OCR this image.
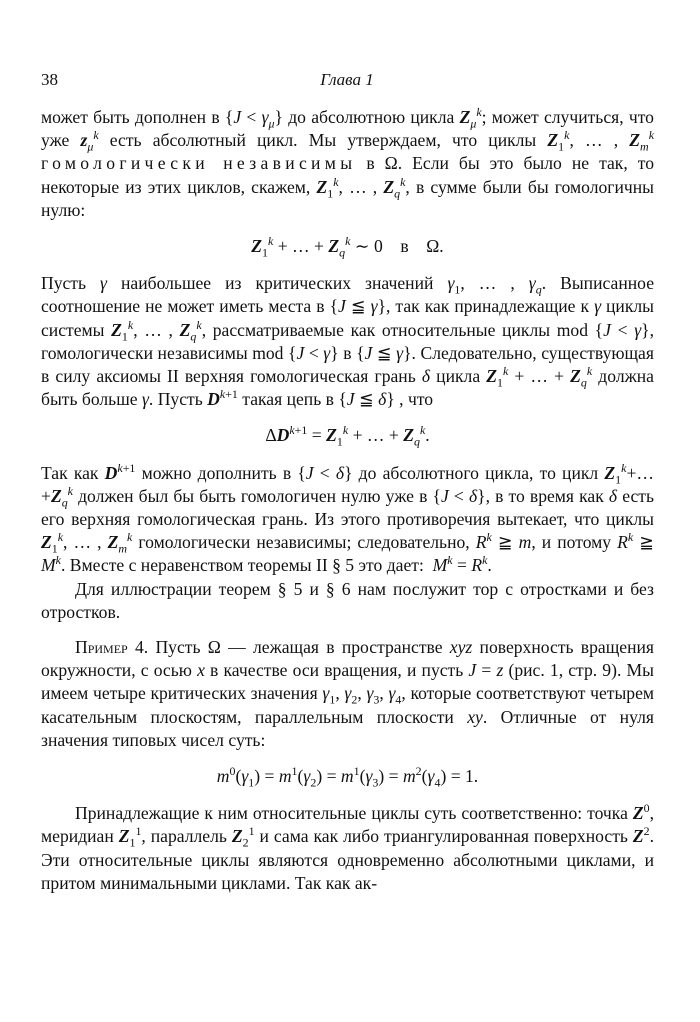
38	Глава 1

может быть дополнен в $\{J < \gamma_\mu\}$ до абсолютною цикла $Z_\mu^k$; может случиться, что уже $z_\mu^k$ есть абсолютный цикл. Мы утверждаем, что циклы $Z_1^k$, … , $Z_m^k$ гомологически независимы в Ω. Если бы это было не так, то некоторые из этих циклов, скажем, $Z_1^k$, … , $Z_q^k$, в сумме были бы гомологичны нулю:

$Z_1^k$ + … + $Z_q^k$ ∼ 0    в    Ω.

Пусть γ наибольшее из критических значений $\gamma_1$, … , $\gamma_q$. Выписанное соотношение не может иметь места в {J ≦ γ}, так как принадлежащие к γ циклы системы $Z_1^k$, … , $Z_q^k$, рассматриваемые как относительные циклы mod {J < γ}, гомологически независимы mod {J < γ} в {J ≦ γ}. Следовательно, существующая в силу аксиомы II верхняя гомологическая грань δ цикла $Z_1^k$ + … + $Z_q^k$ должна быть больше γ. Пусть $D^{k+1}$ такая цепь в {J ≦ δ} , что

$\Delta D^{k+1} = Z_1^k$ + … + $Z_q^k$.

Так как $D^{k+1}$ можно дополнить в {J < δ} до абсолютного цикла, то цикл $Z_1^k+\dots+Z_q^k$ должен был бы быть гомологичен нулю уже в {J < δ}, в то время как δ есть его верхняя гомологическая грань. Из этого противоречия вытекает, что циклы $Z_1^k$, … , $Z_m^k$ гомологически независимы; следовательно, $R^k$ ≧ m, и потому $R^k$ ≧ $M^k$. Вместе с неравенством теоремы II § 5 это дает:  $M^k = R^k$.

Для иллюстрации теорем § 5 и § 6 нам послужит тор с отростками и без отростков.

Пример 4. Пусть Ω — лежащая в пространстве xyz поверхность вращения окружности, с осью x в качестве оси вращения, и пусть J = z (рис. 1, стр. 9). Мы имеем четыре критических значения $\gamma_1$, $\gamma_2$, $\gamma_3$, $\gamma_4$, которые соответствуют четырем касательным плоскостям, параллельным плоскости xy. Отличные от нуля значения типовых чисел суть:

$m^0(\gamma_1) = m^1(\gamma_2) = m^1(\gamma_3) = m^2(\gamma_4) = 1$.

Принадлежащие к ним относительные циклы суть соответственно: точка $Z^0$, меридиан $Z_1^1$, параллель $Z_2^1$ и сама как либо триангулированная поверхность $Z^2$. Эти относительные циклы являются одновременно абсолютными циклами, и притом минимальными циклами. Так как ак-
